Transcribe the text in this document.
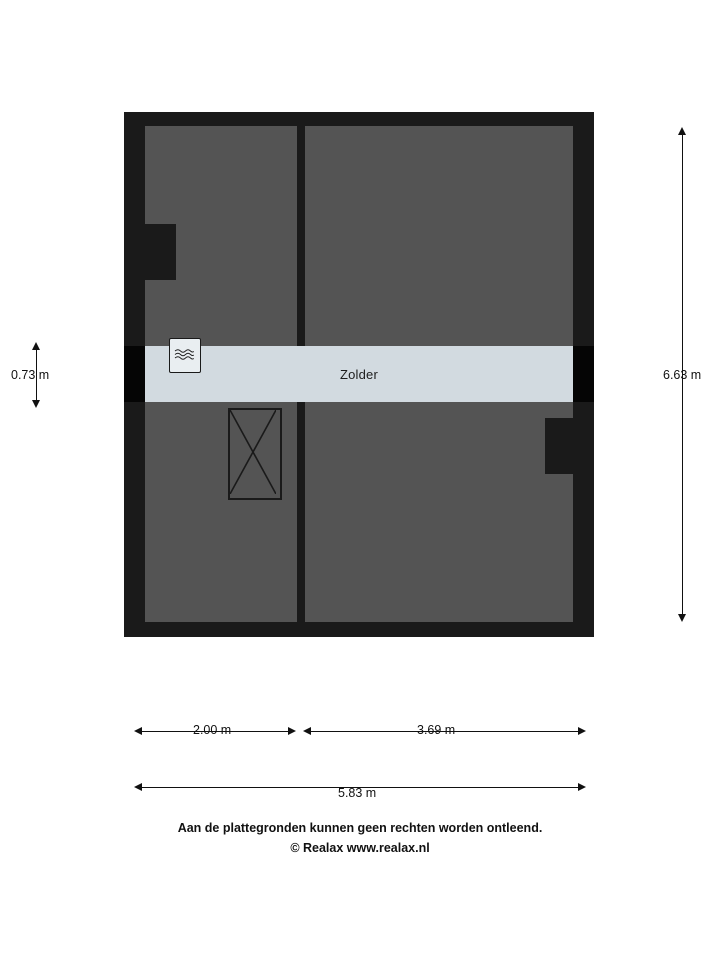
Zolder
0.73 m	6.63 m
2.00 m	3.69 m
5.83 m
Aan de plattegronden kunnen geen rechten worden ontleend.
© Realax www.realax.nl
